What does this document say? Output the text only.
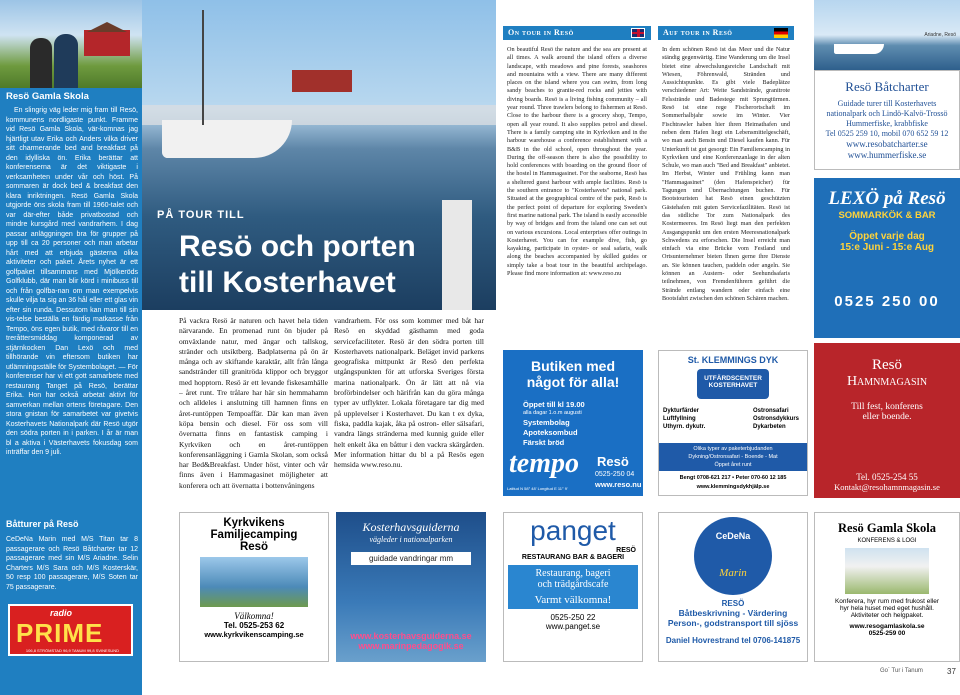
Resö Gamla Skola
En slingrig väg leder mig fram till Resö, kommunens nordligaste punkt. Framme vid Resö Gamla Skola, vär-komnas jag hjärtligt utav Erika och Anders vilka driver sitt charmerande bed and breakfast på den idylliska ön. Erika berättar att konferenserna är det viktigaste i verksamheten under vår och höst. På sommaren är dock bed & breakfast den klara inriktningen. Resö Gamla Skola utgjorde öns skola fram till 1960-talet och var där-efter både privatbostad och mindre kursgård med vandrarhem. I dag passar anläggningen bra för grupper på upp till ca 20 personer och man arbetar hårt med att erbjuda gästerna olika aktiviteter och paket. Årets nyhet är ett golfpaket tillsammans med Mjölkeröds Golfklubb, där man blir körd i minibuss till och från golfba-nan om man exempelvis skulle vilja ta sig an 36 hål eller ett glas vin efter sin runda. Dessutom kan man till sin vis-telse beställa en färdig matkasse från Tempo, öns egen butik, med råvaror till en treråttersmiddag komponerad av stjärnkocken Dan Lexö och med tillhörande vin eftersom butiken har utlämningsställe för Systembolaget. — För konferenser har vi ett gott samarbete med restaurang Tanget på Resö, berättar Erika. Hon har också arbetat aktivt för samverkan mellan ortens företagare. Den stora gnistan för samarbetet var givetvis Kosterhavets Nationalpark där Resö utgör den södra porten in i parken. I år är man bl a aktiva i Västerhavets fokusdag som inträffar den 9 juli.
Båtturer på Resö
CeDeNa Marin med M/S Titan tar 8 passagerare och Resö Båtcharter tar 12 passagerare med sin M/S Ariadne. Selin Charters M/S Sara och M/S Kosterskär, 50 resp 100 passagerare, M/S Soten tar 75 passagerare.
radio
PRIME
106,8 STRÖMSTAD 96,9 TANUM 99,8 SVINESUND
PÅ TOUR TILL
Resö och porten
till Kosterhavet
På vackra Resö är naturen och havet hela tiden närvarande. En promenad runt ön bjuder på omväxlande natur, med ängar och tallskog, stränder och utsiktberg. Badplatserna på ön är många och av skiftande karaktär, allt från långa sandstränder till granitröda klippor och bryggor med hopptorn. Resö är ett levande fiskesamhälle – året runt. Tre trålare har här sin hemmahamn och alldeles i anslutning till hamnen finns en året-runtöppen Tempoaffär. Där kan man även köpa bensin och diesel. För oss som vill övernatta finns en fantastisk camping i Kyrkviken och en året-runtöppen konferensanläggning i Gamla Skolan, som också har Bed&Breakfast. Under höst, vinter och vår finns även i Hammagasinet möjligheter att konferera och att övernatta i bottenvåningens
vandrarhem. För oss som kommer med båt har Resö en skyddad gästhamn med goda servicefaciliteter. Resö är den södra porten till Kosterhavets nationalpark. Beläget invid parkens geografiska mittpunkt är Resö den perfekta utgångspunkten för att utforska Sveriges första marina nationalpark. Ön är lätt att nå via broförbindelser och härifrån kan du göra många typer av utflykter. Lokala företagare tar dig med på upplevelser i Kosterhavet. Du kan t ex dyka, fiska, paddla kajak, åka på ostron- eller sälsafari, vandra längs stränderna med kunnig guide eller helt enkelt åka en båttur i den vackra skärgården. Mer information hittar du bl a på Resös egen hemsida www.reso.nu.
On tour in Resö
On beautiful Resö the nature and the sea are present at all times. A walk around the island offers a diverse landscape, with meadows and pine forests, seashores and mountains with a view. There are many different places on the island where you can swim, from long sandy beaches to granite-red rocks and jetties with diving boards. Resö is a living fishing community – all year round. Three trawlers belong to fishermen at Resö. Close to the harbour there is a grocery shop, Tempo, open all year round. It also supplies petrol and diesel. There is a family camping site in Kyrkviken and in the harbour warehouse a conference establishment with a B&B in the old school, open throughout the year. During the off-season there is also the possibility to hold conferences with boarding on the ground floor of the hostel in Hammagasinet. For the seaborne, Resö has a sheltered guest harbour with ample facilities. Resö is the southern entrance to "Kosterhavets" national park. Situated at the geographical centre of the park, Resö is the perfect point of departure for exploring Sweden's first marine national park. The island is easily accessible by way of bridges and from the island one can set out on various excursions. Local enterprises offer outings in Kosterhavet. You can for example dive, fish, go kayaking, participate in oyster- or seal safaris, walk along the beaches accompanied by skilled guides or simply take a boat tour in the beautiful archipelago. Please find more information at: www.reso.nu
Auf tour in Resö
In dem schönen Resö ist das Meer und die Natur ständig gegenwärtig. Eine Wanderung um die Insel bietet eine abwechslungsreiche Landschaft mit Wiesen, Föhrenwald, Stränden und Aussichtspunkte. Es gibt viele Badeplätze verschiedener Art: Weite Sandstrände, granitrote Felsstrände und Badestege mit Sprungtürmen. Resö ist eine rege Fischerortschaft im Sommerhalbjahr sowie im Winter. Vier Fischtrawler haben hier ihren Heimathafen und neben dem Hafen liegt ein Lebensmittelgeschäft, wo man auch Bensin und Diesel kaufen kann. Für Unterkunft ist gut gesorgt: Ein Familiencamping in Kyrkviken und eine Konferenzanlage in der alten Schule, wo man auch "Bed and Breakfast" anbietet. Im Herbst, Winter und Frühling kann man "Hammagasinet" (den Hafenspeicher) für Tagungen und Übernachtungen buchen. Für Bootstouristen hat Resö einen geschützten Gästehafen mit guten Servicefazilitäten. Resö ist das südliche Tor zum Nationalpark des Kostermeeres. Im Resö liegt man den perfekten Ausgangspunkt um den ersten Meeresnationalpark Schwedens zu erforschen. Die Insel erreicht man einfach via eine Brücke vom Festland und Ortsunternehmer bieten Ihnen gerne ihre Dienste an. Sie können tauchen, paddeln oder angeln. Sie können an Austern- oder Seehundsafaris teilnehmen, von Fremdenführern geführt die Strände entlang wandern oder einfach eine Bootsfahrt zwischen den schönen Schären machen.
Ariadne, Resö
Resö Båtcharter
Guidade turer till Kosterhavets
nationalpark och Lindö-Kalvö-Trossö
Hummerfiske, krabbfiske
Tel 0525 259 10, mobil 070 652 59 12
www.resobatcharter.se
www.hummerfiske.se
LEXÖ på Resö
SOMMARKÖK & BAR
Öppet varje dag
15:e Juni - 15:e Aug
0525 250 00
Resö
Hamnmagasin
Till fest, konferens
eller boende.
Tel. 0525-254 55
Kontakt@resohamnmagasin.se
Butiken med
något för alla!
Öppet till kl 19.00
alla dagar 1.o.m augusti
Systembolag
Apoteksombud
Färskt bröd
tempo Resö
0525-250 04
www.reso.nu
Latitud N 58° 48' Longitud E 11° 9'
St. KLEMMINGS DYK
UTFÄRDSCENTER
KOSTERHAVET
Dykturfärder
Luftfyllning
Uthyrn. dykutr.
Ostronsafari
Ostronsdykkurs
Dykarbeten
Olika typer av paketerbjudanden
Dykning/Ostronsafari - Boende - Mat
Öppet året runt
Bengt 0708-621 217 • Peter 070-60 12 185
www.klemmingsdykhjälp.se
Kyrkvikens
Familjecamping
Resö
Välkomna!
Tel. 0525-253 62
www.kyrkvikenscamping.se
Kosterhavsguiderna
vägleder i nationalparken
guidade vandringar mm
www.kosterhavsguiderna.se
www.marinpedagogik.se
panget
RESÖ
RESTAURANG BAR & BAGERI
Restaurang, bageri
och trädgårdscafe
Varmt välkomna!
0525-250 22
www.panget.se
CeDeNa
Marin
RESÖ
Båtbeskrivning - Värdering
Person-, godstransport till sjöss
Daniel Hovrestrand tel 0706-141875
Resö Gamla Skola
KONFERENS & LOGI
Konferera, hyr rum med frukost eller
hyr hela huset med eget hushåll.
Aktiviteter och helgpaket.
www.resogamlaskola.se
0525-259 00
Go´ Tur i Tanum	37
